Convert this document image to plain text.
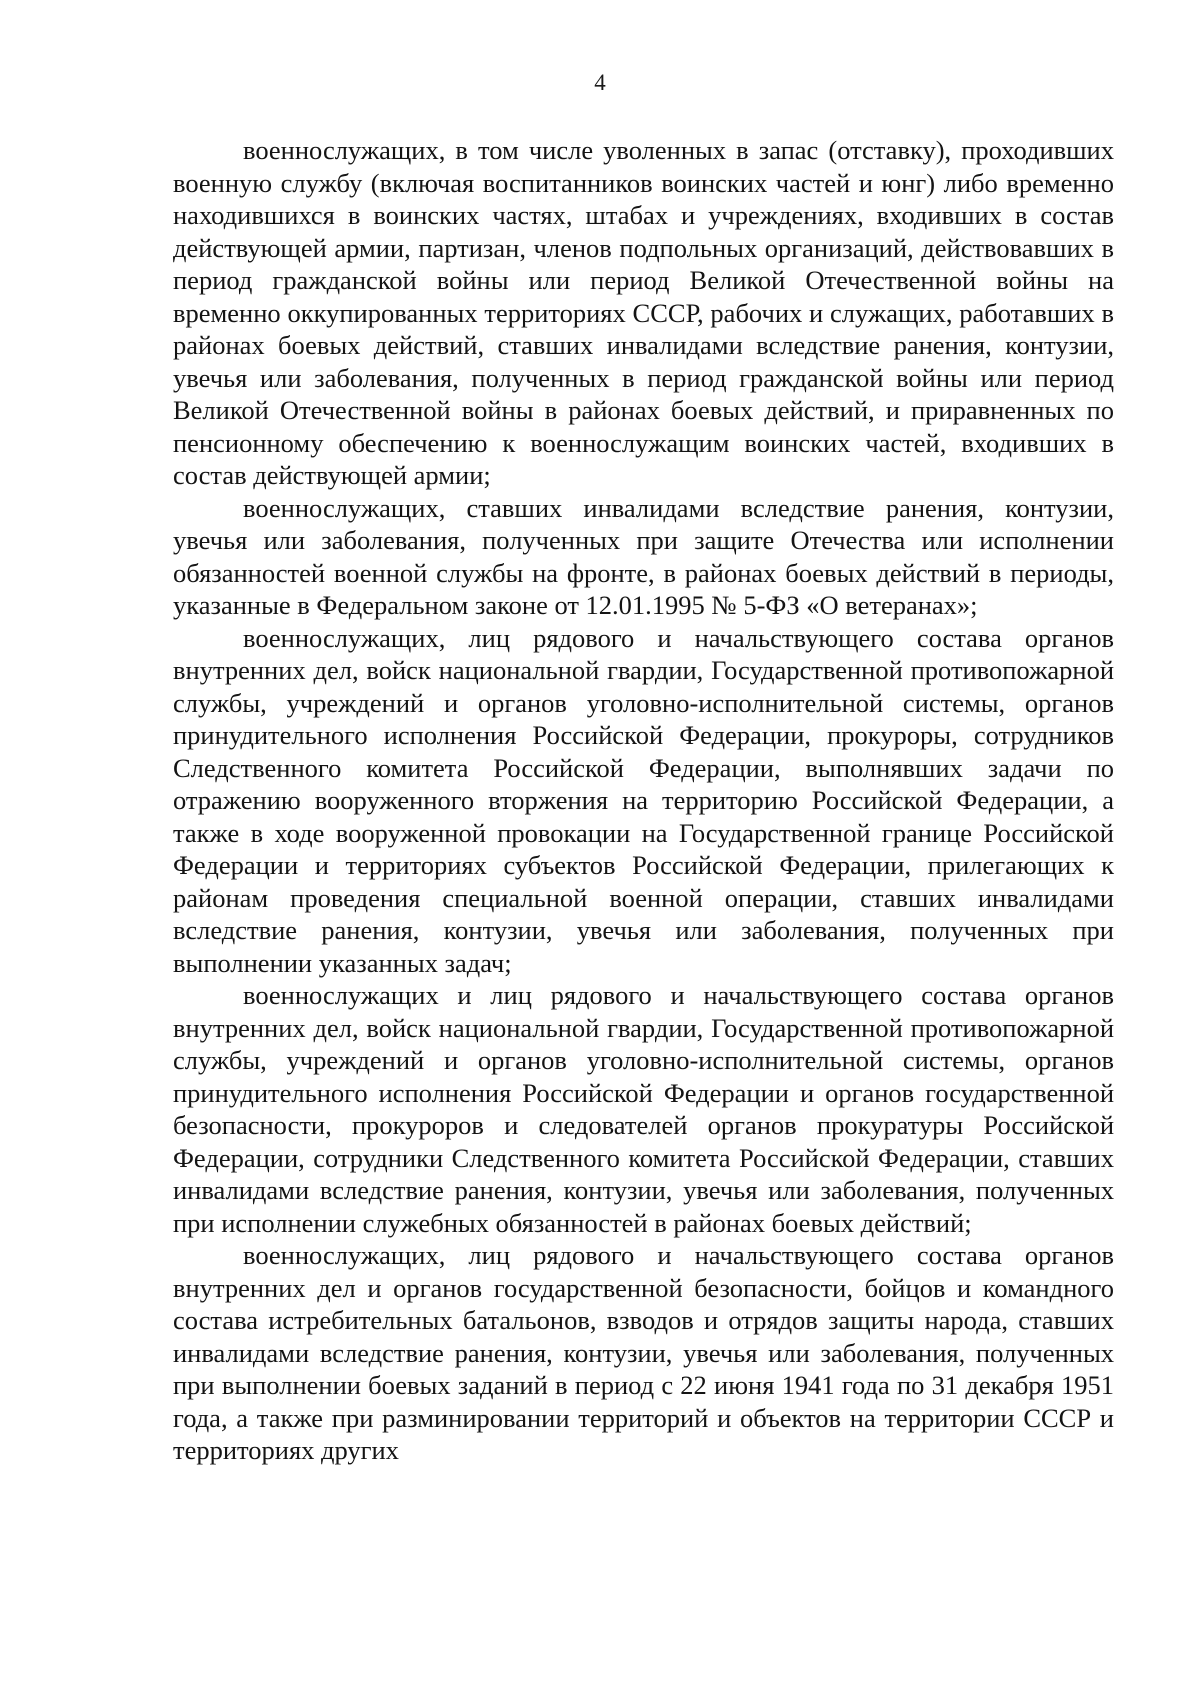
4

военнослужащих, в том числе уволенных в запас (отставку), проходивших военную службу (включая воспитанников воинских частей и юнг) либо временно находившихся в воинских частях, штабах и учреждениях, входивших в состав действующей армии, партизан, членов подпольных организаций, действовавших в период гражданской войны или период Великой Отечественной войны на временно оккупированных территориях СССР, рабочих и служащих, работавших в районах боевых действий, ставших инвалидами вследствие ранения, контузии, увечья или заболевания, полученных в период гражданской войны или период Великой Отечественной войны в районах боевых действий, и приравненных по пенсионному обеспечению к военнослужащим воинских частей, входивших в состав действующей армии;

военнослужащих, ставших инвалидами вследствие ранения, контузии, увечья или заболевания, полученных при защите Отечества или исполнении обязанностей военной службы на фронте, в районах боевых действий в периоды, указанные в Федеральном законе от 12.01.1995 № 5-ФЗ «О ветеранах»;

военнослужащих, лиц рядового и начальствующего состава органов внутренних дел, войск национальной гвардии, Государственной противопожарной службы, учреждений и органов уголовно-исполнительной системы, органов принудительного исполнения Российской Федерации, прокуроры, сотрудников Следственного комитета Российской Федерации, выполнявших задачи по отражению вооруженного вторжения на территорию Российской Федерации, а также в ходе вооруженной провокации на Государственной границе Российской Федерации и территориях субъектов Российской Федерации, прилегающих к районам проведения специальной военной операции, ставших инвалидами вследствие ранения, контузии, увечья или заболевания, полученных при выполнении указанных задач;

военнослужащих и лиц рядового и начальствующего состава органов внутренних дел, войск национальной гвардии, Государственной противопожарной службы, учреждений и органов уголовно-исполнительной системы, органов принудительного исполнения Российской Федерации и органов государственной безопасности, прокуроров и следователей органов прокуратуры Российской Федерации, сотрудники Следственного комитета Российской Федерации, ставших инвалидами вследствие ранения, контузии, увечья или заболевания, полученных при исполнении служебных обязанностей в районах боевых действий;

военнослужащих, лиц рядового и начальствующего состава органов внутренних дел и органов государственной безопасности, бойцов и командного состава истребительных батальонов, взводов и отрядов защиты народа, ставших инвалидами вследствие ранения, контузии, увечья или заболевания, полученных при выполнении боевых заданий в период с 22 июня 1941 года по 31 декабря 1951 года, а также при разминировании территорий и объектов на территории СССР и территориях других
